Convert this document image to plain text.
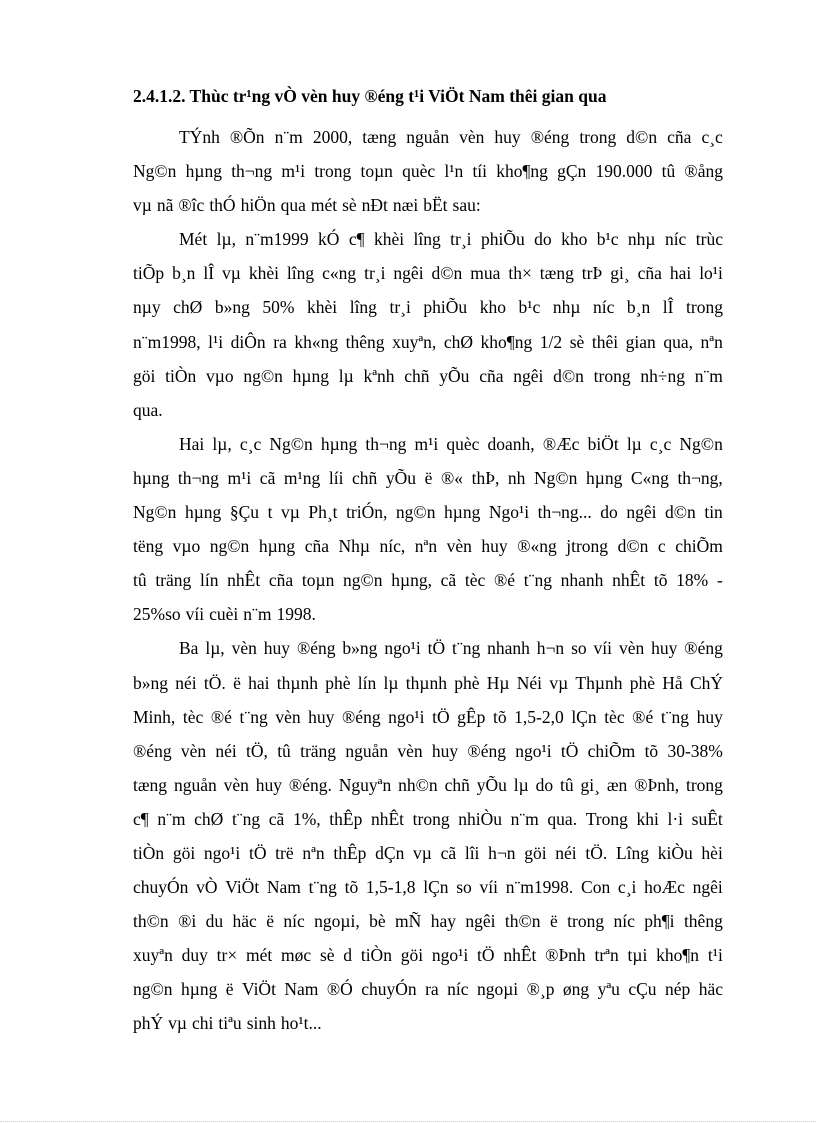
2.4.1.2. Thùc tr¹ng vÒ vèn huy ®éng t¹i ViÖt Nam thêi gian qua
TÝnh ®Õn n¨m 2000, tæng nguån vèn huy ®éng trong d©n cña c¸c
Ng©n hµng th¬ng m¹i trong toµn quèc l¹n tíi kho¶ng gÇn 190.000 tû ®ång
vµ nã ®îc thÓ hiÖn qua mét sè nÐt næi bËt sau:
Mét lµ, n¨m1999 kÓ c¶ khèi lîng tr¸i phiÕu do kho b¹c nhµ níc trùc
tiÕp b¸n lÎ vµ khèi lîng c«ng tr¸i ngêi d©n mua th× tæng trÞ gi¸ cña hai lo¹i
nµy chØ b»ng 50% khèi lîng tr¸i phiÕu kho b¹c nhµ níc b¸n lÎ trong
n¨m1998, l¹i diÔn ra kh«ng thêng xuyªn, chØ kho¶ng 1/2 sè thêi gian qua, nªn
göi tiÒn vµo ng©n hµng lµ kªnh chñ yÕu cña ngêi d©n trong nh÷ng n¨m
qua.
Hai lµ, c¸c Ng©n hµng th¬ng m¹i quèc doanh, ®Æc biÖt lµ c¸c Ng©n
hµng th¬ng m¹i cã m¹ng líi chñ yÕu ë ®« thÞ, nh Ng©n hµng C«ng th¬ng,
Ng©n hµng §Çu t vµ Ph¸t triÓn, ng©n hµng Ngo¹i th¬ng... do ngêi d©n tin
tëng vµo ng©n hµng cña Nhµ níc, nªn vèn huy ®«ng jtrong d©n c chiÕm
tû träng lín nhÊt cña toµn ng©n hµng, cã tèc ®é t¨ng nhanh nhÊt tõ 18% -
25%so víi cuèi n¨m 1998.
Ba lµ, vèn huy ®éng b»ng ngo¹i tÖ t¨ng nhanh h¬n so víi vèn huy ®éng
b»ng néi tÖ. ë hai thµnh phè lín lµ thµnh phè Hµ Néi vµ Thµnh phè Hå ChÝ
Minh, tèc ®é t¨ng vèn huy ®éng ngo¹i tÖ gÊp tõ 1,5-2,0 lÇn tèc ®é t¨ng huy
®éng vèn néi tÖ, tû träng nguån vèn huy ®éng ngo¹i tÖ chiÕm tõ 30-38%
tæng nguån vèn huy ®éng. Nguyªn nh©n chñ yÕu lµ do tû gi¸ æn ®Þnh, trong
c¶ n¨m chØ t¨ng cã 1%, thÊp nhÊt trong nhiÒu n¨m qua. Trong khi l·i suÊt
tiÒn göi ngo¹i tÖ trë nªn thÊp dÇn vµ cã lîi h¬n göi néi tÖ. Lîng kiÒu hèi
chuyÓn vÒ ViÖt Nam t¨ng tõ 1,5-1,8 lÇn so víi n¨m1998. Con c¸i hoÆc ngêi
th©n ®i du häc ë níc ngoµi, bè mÑ hay ngêi th©n ë trong níc ph¶i thêng
xuyªn duy tr× mét møc sè d tiÒn göi ngo¹i tÖ nhÊt ®Þnh trªn tµi kho¶n t¹i
ng©n hµng ë ViÖt Nam ®Ó chuyÓn ra níc ngoµi ®¸p øng yªu cÇu nép häc
phÝ vµ chi tiªu sinh ho¹t...
